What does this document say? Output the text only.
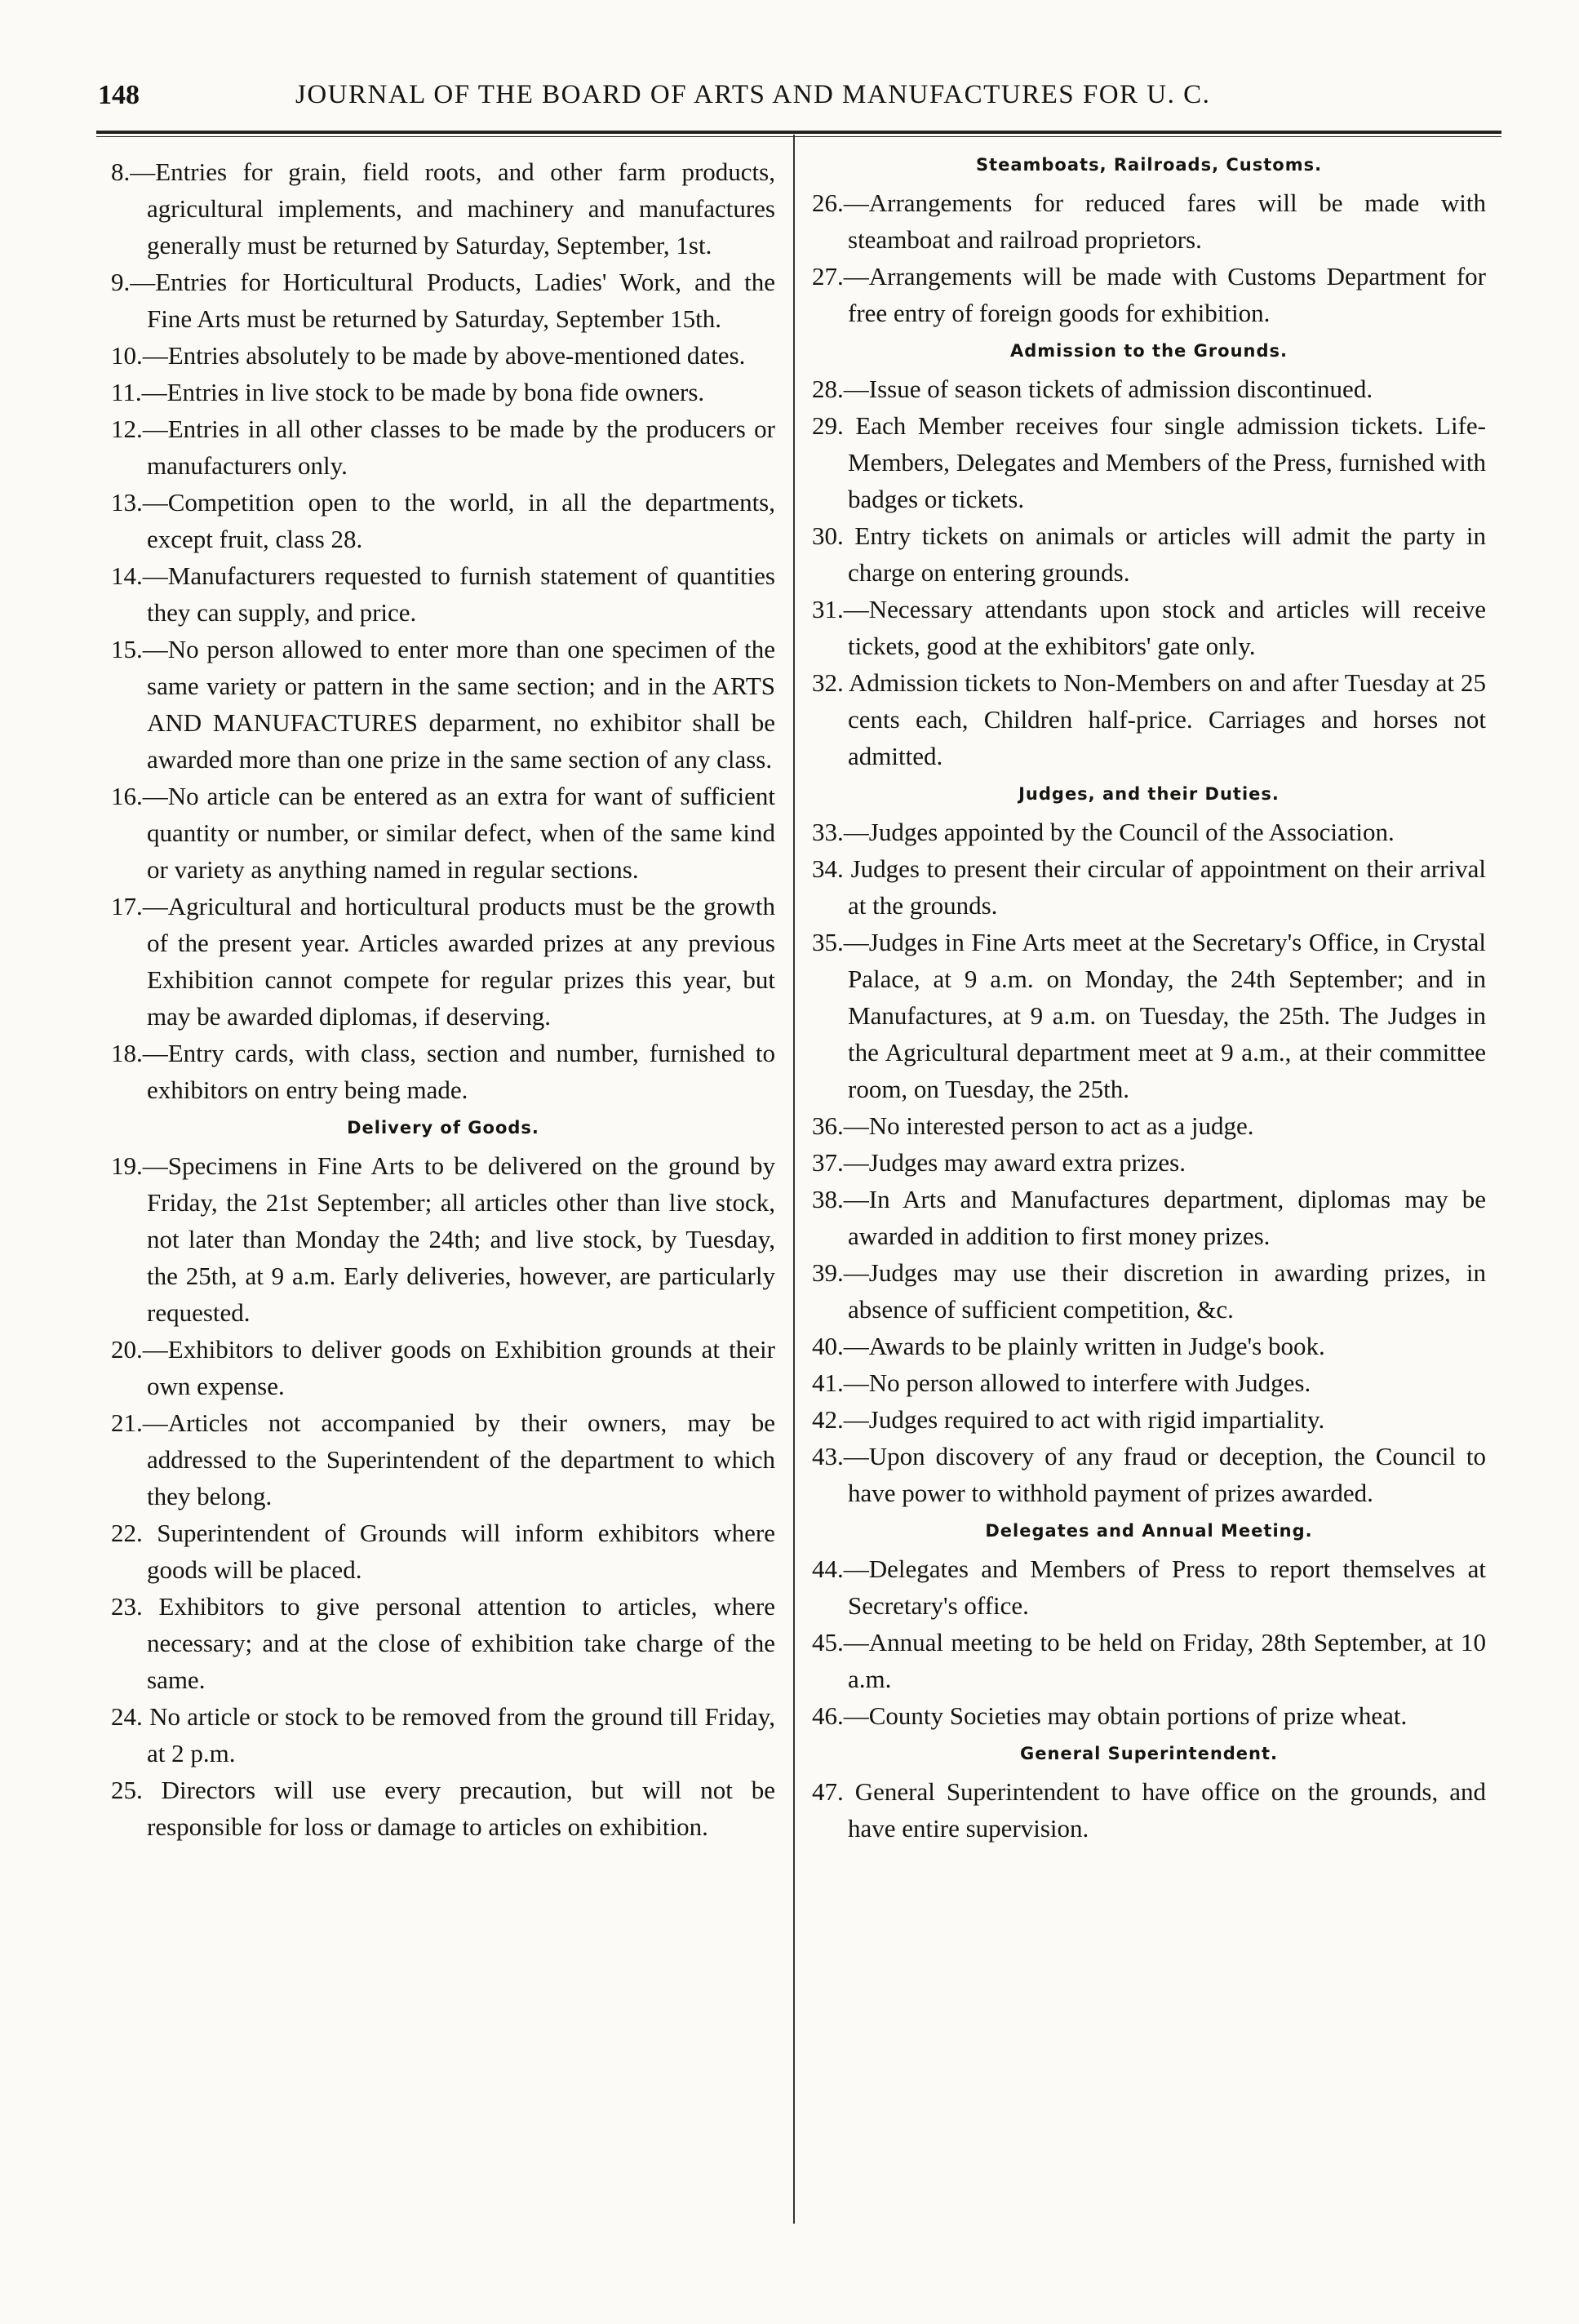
148	JOURNAL OF THE BOARD OF ARTS AND MANUFACTURES FOR U. C.

8.—Entries for grain, field roots, and other farm products, agricultural implements, and machinery and manufactures generally must be returned by Saturday, September, 1st.

9.—Entries for Horticultural Products, Ladies' Work, and the Fine Arts must be returned by Saturday, September 15th.

10.—Entries absolutely to be made by above-mentioned dates.

11.—Entries in live stock to be made by bona fide owners.

12.—Entries in all other classes to be made by the producers or manufacturers only.

13.—Competition open to the world, in all the departments, except fruit, class 28.

14.—Manufacturers requested to furnish statement of quantities they can supply, and price.

15.—No person allowed to enter more than one specimen of the same variety or pattern in the same section; and in the ARTS AND MANUFACTURES deparment, no exhibitor shall be awarded more than one prize in the same section of any class.

16.—No article can be entered as an extra for want of sufficient quantity or number, or similar defect, when of the same kind or variety as anything named in regular sections.

17.—Agricultural and horticultural products must be the growth of the present year. Articles awarded prizes at any previous Exhibition cannot compete for regular prizes this year, but may be awarded diplomas, if deserving.

18.—Entry cards, with class, section and number, furnished to exhibitors on entry being made.

Delivery of Goods.

19.—Specimens in Fine Arts to be delivered on the ground by Friday, the 21st September; all articles other than live stock, not later than Monday the 24th; and live stock, by Tuesday, the 25th, at 9 a.m. Early deliveries, however, are particularly requested.

20.—Exhibitors to deliver goods on Exhibition grounds at their own expense.

21.—Articles not accompanied by their owners, may be addressed to the Superintendent of the department to which they belong.

22. Superintendent of Grounds will inform exhibitors where goods will be placed.

23. Exhibitors to give personal attention to articles, where necessary; and at the close of exhibition take charge of the same.

24. No article or stock to be removed from the ground till Friday, at 2 p.m.

25. Directors will use every precaution, but will not be responsible for loss or damage to articles on exhibition.

Steamboats, Railroads, Customs.

26.—Arrangements for reduced fares will be made with steamboat and railroad proprietors.

27.—Arrangements will be made with Customs Department for free entry of foreign goods for exhibition.

Admission to the Grounds.

28.—Issue of season tickets of admission discontinued.

29. Each Member receives four single admission tickets. Life-Members, Delegates and Members of the Press, furnished with badges or tickets.

30. Entry tickets on animals or articles will admit the party in charge on entering grounds.

31.—Necessary attendants upon stock and articles will receive tickets, good at the exhibitors' gate only.

32. Admission tickets to Non-Members on and after Tuesday at 25 cents each, Children half-price. Carriages and horses not admitted.

Judges, and their Duties.

33.—Judges appointed by the Council of the Association.

34. Judges to present their circular of appointment on their arrival at the grounds.

35.—Judges in Fine Arts meet at the Secretary's Office, in Crystal Palace, at 9 a.m. on Monday, the 24th September; and in Manufactures, at 9 a.m. on Tuesday, the 25th. The Judges in the Agricultural department meet at 9 a.m., at their committee room, on Tuesday, the 25th.

36.—No interested person to act as a judge.

37.—Judges may award extra prizes.

38.—In Arts and Manufactures department, diplomas may be awarded in addition to first money prizes.

39.—Judges may use their discretion in awarding prizes, in absence of sufficient competition, &c.

40.—Awards to be plainly written in Judge's book.

41.—No person allowed to interfere with Judges.

42.—Judges required to act with rigid impartiality.

43.—Upon discovery of any fraud or deception, the Council to have power to withhold payment of prizes awarded.

Delegates and Annual Meeting.

44.—Delegates and Members of Press to report themselves at Secretary's office.

45.—Annual meeting to be held on Friday, 28th September, at 10 a.m.

46.—County Societies may obtain portions of prize wheat.

General Superintendent.

47. General Superintendent to have office on the grounds, and have entire supervision.
